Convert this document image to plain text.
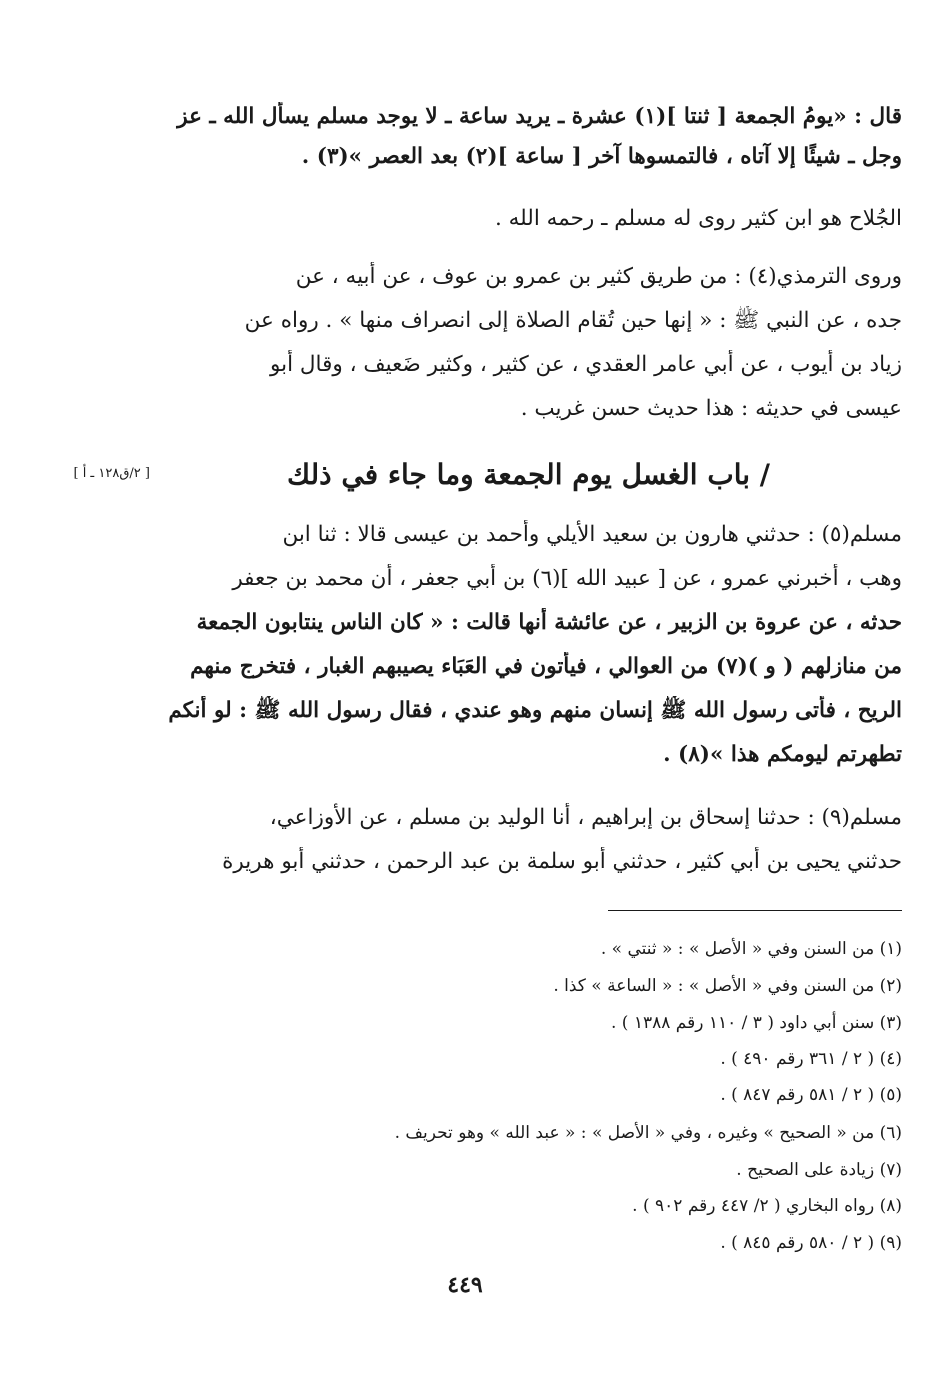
قال : «يومُ الجمعة [ ثنتا ](١) عشرة ـ يريد ساعة ـ لا يوجد مسلم يسأل الله ـ عز
وجل ـ شيئًا إلا آتاه ، فالتمسوها آخر [ ساعة ](٢) بعد العصر »(٣) .
الجُلاح هو ابن كثير روى له مسلم ـ رحمه الله .
وروى الترمذي(٤) : من طريق كثير بن عمرو بن عوف ، عن أبيه ، عن
جده ، عن النبي ﷺ : « إنها حين تُقام الصلاة إلى انصراف منها » . رواه عن
زياد بن أيوب ، عن أبي عامر العقدي ، عن كثير ، وكثير ضَعيف ، وقال أبو
عيسى في حديثه : هذا حديث حسن غريب .
[ ٢/ق١٢٨ ـ أ ]	/ باب الغسل يوم الجمعة وما جاء في ذلك
مسلم(٥) : حدثني هارون بن سعيد الأيلي وأحمد بن عيسى قالا : ثنا ابن
وهب ، أخبرني عمرو ، عن [ عبيد الله ](٦) بن أبي جعفر ، أن محمد بن جعفر
حدثه ، عن عروة بن الزبير ، عن عائشة أنها قالت : « كان الناس ينتابون الجمعة
من منازلهم ( و )(٧) من العوالي ، فيأتون في العَبَاء يصيبهم الغبار ، فتخرج منهم
الريح ، فأتى رسول الله ﷺ إنسان منهم وهو عندي ، فقال رسول الله ﷺ : لو أنكم
تطهرتم ليومكم هذا »(٨) .
مسلم(٩) : حدثنا إسحاق بن إبراهيم ، أنا الوليد بن مسلم ، عن الأوزاعي،
حدثني يحيى بن أبي كثير ، حدثني أبو سلمة بن عبد الرحمن ، حدثني أبو هريرة
(١) من السنن وفي « الأصل » : « ثنتي » .
(٢) من السنن وفي « الأصل » : « الساعة » كذا .
(٣) سنن أبي داود ( ٣ / ١١٠ رقم ١٣٨٨ ) .
(٤) ( ٢ / ٣٦١ رقم ٤٩٠ ) .
(٥) ( ٢ / ٥٨١ رقم ٨٤٧ ) .
(٦) من « الصحيح » وغيره ، وفي « الأصل » : « عبد الله » وهو تحريف .
(٧) زيادة على الصحيح .
(٨) رواه البخاري ( ٢/ ٤٤٧ رقم ٩٠٢ ) .
(٩) ( ٢ / ٥٨٠ رقم ٨٤٥ ) .
٤٤٩
